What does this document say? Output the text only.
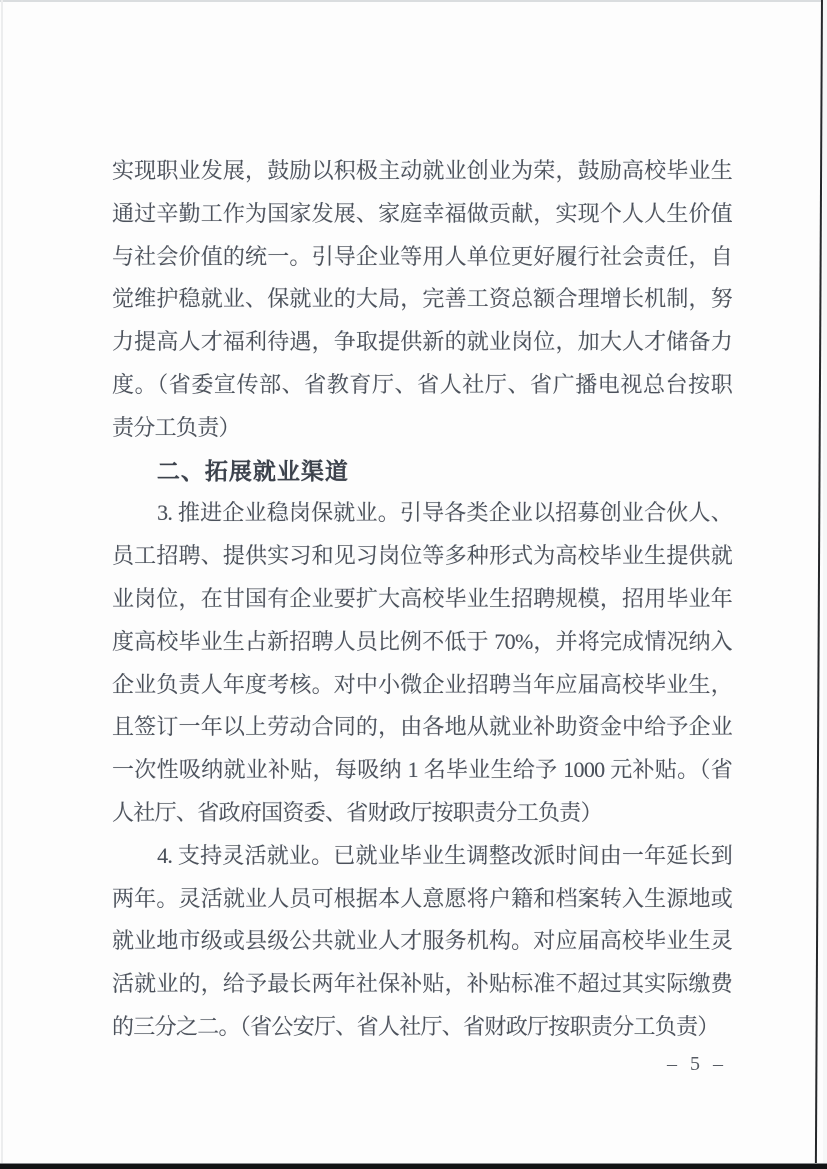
实现职业发展，鼓励以积极主动就业创业为荣，鼓励高校毕业生
通过辛勤工作为国家发展、家庭幸福做贡献，实现个人人生价值
与社会价值的统一。引导企业等用人单位更好履行社会责任，自
觉维护稳就业、保就业的大局，完善工资总额合理增长机制，努
力提高人才福利待遇，争取提供新的就业岗位，加大人才储备力
度。（省委宣传部、省教育厅、省人社厅、省广播电视总台按职
责分工负责）
二、拓展就业渠道
3. 推进企业稳岗保就业。引导各类企业以招募创业合伙人、
员工招聘、提供实习和见习岗位等多种形式为高校毕业生提供就
业岗位，在甘国有企业要扩大高校毕业生招聘规模，招用毕业年
度高校毕业生占新招聘人员比例不低于 70%，并将完成情况纳入
企业负责人年度考核。对中小微企业招聘当年应届高校毕业生，
且签订一年以上劳动合同的，由各地从就业补助资金中给予企业
一次性吸纳就业补贴，每吸纳 1 名毕业生给予 1000 元补贴。（省
人社厅、省政府国资委、省财政厅按职责分工负责）
4. 支持灵活就业。已就业毕业生调整改派时间由一年延长到
两年。灵活就业人员可根据本人意愿将户籍和档案转入生源地或
就业地市级或县级公共就业人才服务机构。对应届高校毕业生灵
活就业的，给予最长两年社保补贴，补贴标准不超过其实际缴费
的三分之二。（省公安厅、省人社厅、省财政厅按职责分工负责）
– 5 –
